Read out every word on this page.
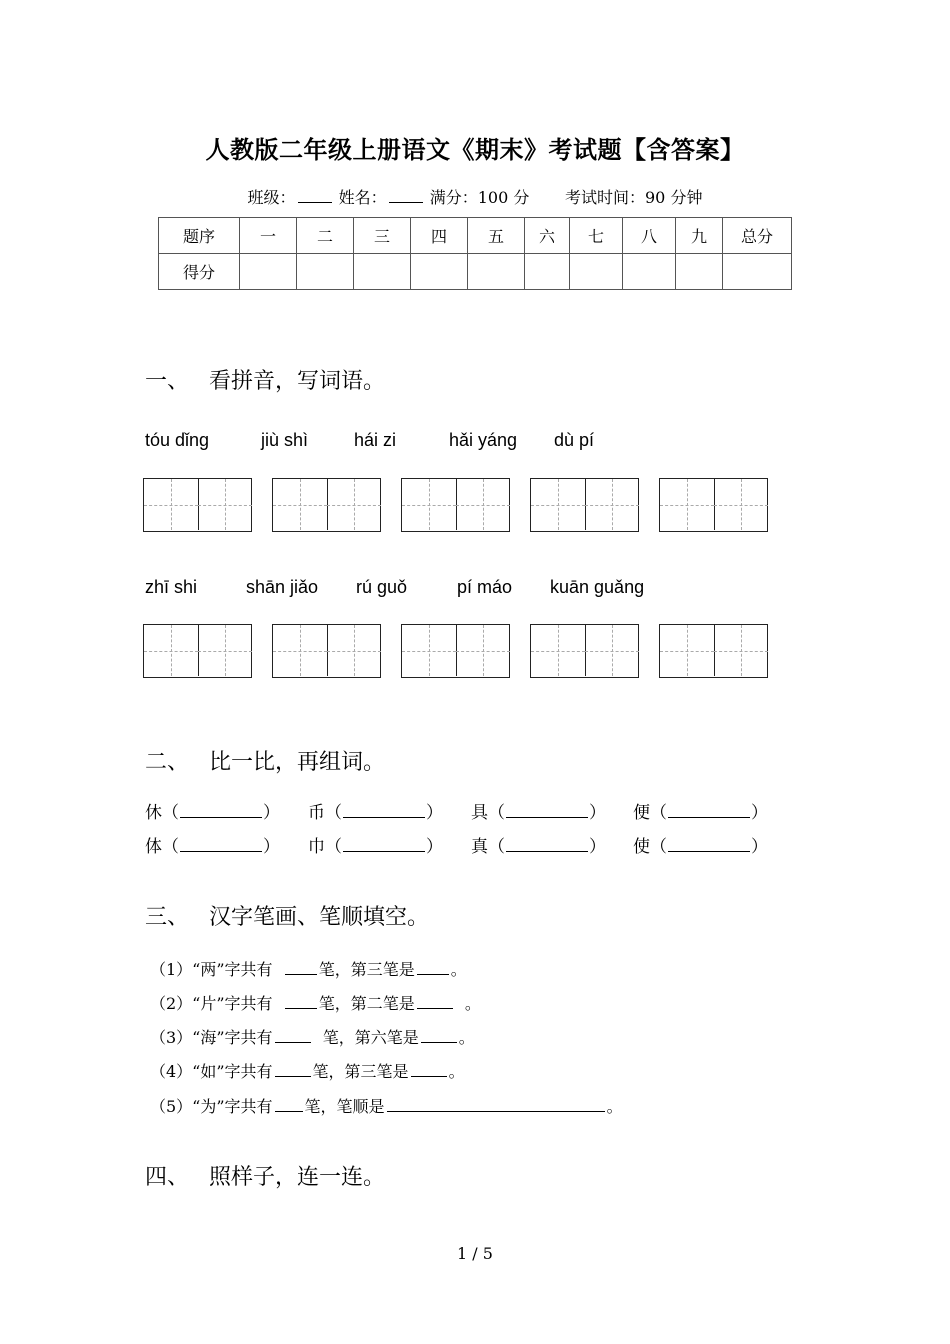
人教版二年级上册语文《期末》考试题【含答案】
班级：	姓名：	满分：100 分 考试时间：90 分钟
题序	一	二	三	四	五	六	七	八	九	总分
得分										
一、 看拼音，写词语。
tóu dǐng	jiù shì	hái zi	hǎi yáng dù pí
zhī shi	shān jiǎo rú guǒ	pí máo kuān guǎng
二、 比一比，再组词。
休（	） 币（	） 具（	） 便（	）
体（	） 巾（	） 真（	） 使（	）
三、 汉字笔画、笔顺填空。
（1）“两”字共有	笔，第三笔是 。
（2）“片”字共有	笔，第二笔是	。
（3）“海”字共有	笔，第六笔是	。
（4）“如”字共有	笔，第三笔是	。
（5）“为”字共有 笔，笔顺是	。
四、 照样子，连一连。
1 / 5
